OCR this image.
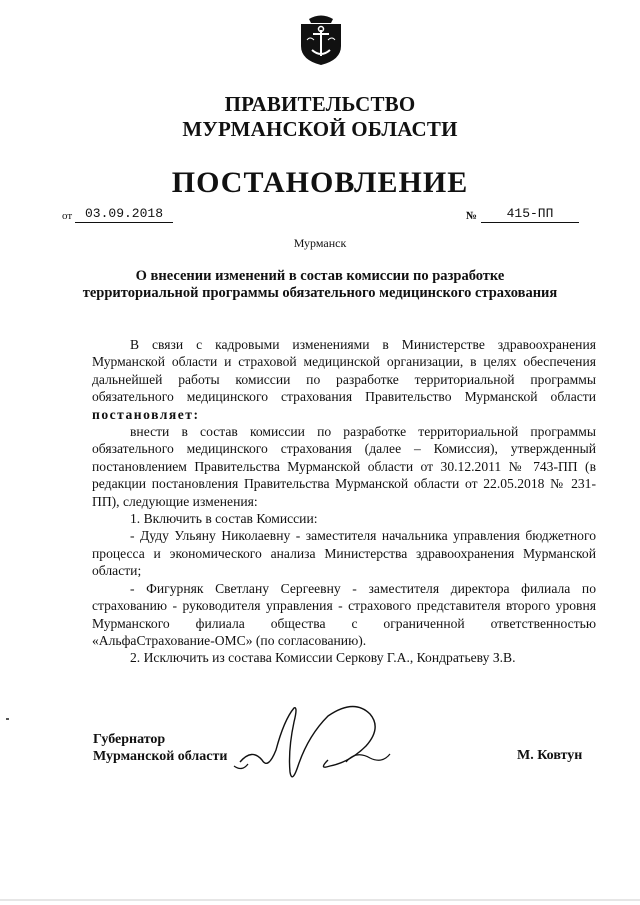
ПРАВИТЕЛЬСТВО
МУРМАНСКОЙ ОБЛАСТИ
ПОСТАНОВЛЕНИЕ
от 03.09.2018	№	415-ПП
Мурманск
О внесении изменений в состав комиссии по разработке
территориальной программы обязательного медицинского страхования

В связи с кадровыми изменениями в Министерстве здравоохранения Мурманской области и страховой медицинской организации, в целях обеспечения дальнейшей работы комиссии по разработке территориальной программы обязательного медицинского страхования Правительство Мурманской области постановляет:

внести в состав комиссии по разработке территориальной программы обязательного медицинского страхования (далее – Комиссия), утвержденный постановлением Правительства Мурманской области от 30.12.2011 № 743-ПП (в редакции постановления Правительства Мурманской области от 22.05.2018 № 231-ПП), следующие изменения:

1. Включить в состав Комиссии:

- Дуду Ульяну Николаевну - заместителя начальника управления бюджетного процесса и экономического анализа Министерства здравоохранения Мурманской области;

- Фигурняк Светлану Сергеевну - заместителя директора филиала по страхованию - руководителя управления - страхового представителя второго уровня Мурманского филиала общества с ограниченной ответственностью «АльфаСтрахование-ОМС» (по согласованию).

2. Исключить из состава Комиссии Серкову Г.А., Кондратьеву З.В.

Губернатор
Мурманской области	М. Ковтун
